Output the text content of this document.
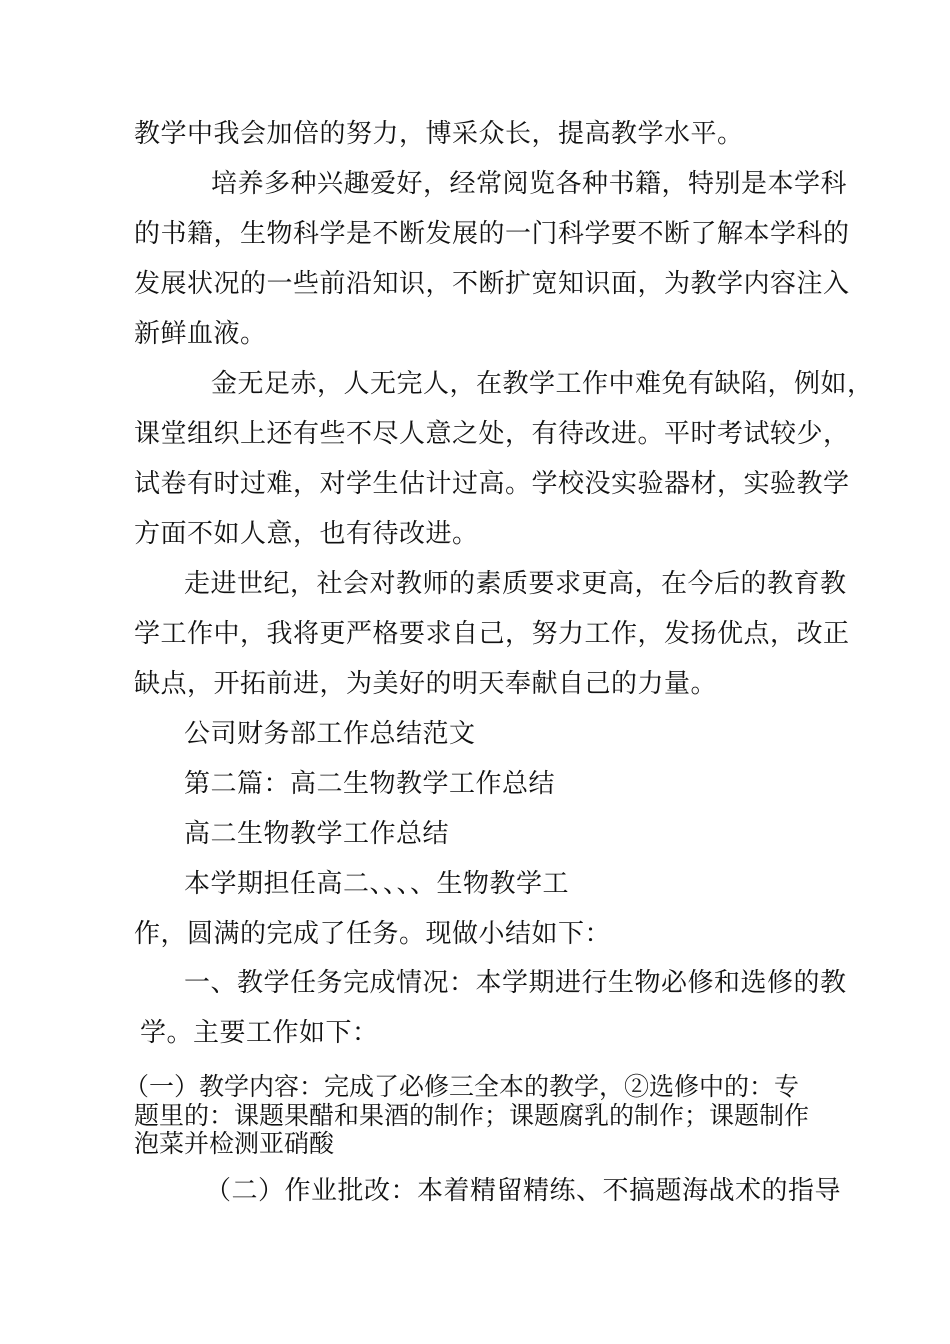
教学中我会加倍的努力，博采众长，提高教学水平。
培养多种兴趣爱好，经常阅览各种书籍，特别是本学科
的书籍，生物科学是不断发展的一门科学要不断了解本学科的
发展状况的一些前沿知识，不断扩宽知识面，为教学内容注入
新鲜血液。
金无足赤，人无完人，在教学工作中难免有缺陷，例如，
课堂组织上还有些不尽人意之处，有待改进。平时考试较少，
试卷有时过难，对学生估计过高。学校没实验器材，实验教学
方面不如人意，也有待改进。
走进世纪，社会对教师的素质要求更高，在今后的教育教
学工作中，我将更严格要求自己，努力工作，发扬优点，改正
缺点，开拓前进，为美好的明天奉献自己的力量。
公司财务部工作总结范文
第二篇：高二生物教学工作总结
高二生物教学工作总结
本学期担任高二、、、、生物教学工
作，圆满的完成了任务。现做小结如下：
一、教学任务完成情况：本学期进行生物必修和选修的教
学。主要工作如下：
（一）教学内容：完成了必修三全本的教学，②选修中的：专
题里的：课题果醋和果酒的制作；课题腐乳的制作；课题制作
泡菜并检测亚硝酸
（二）作业批改：本着精留精练、不搞题海战术的指导
